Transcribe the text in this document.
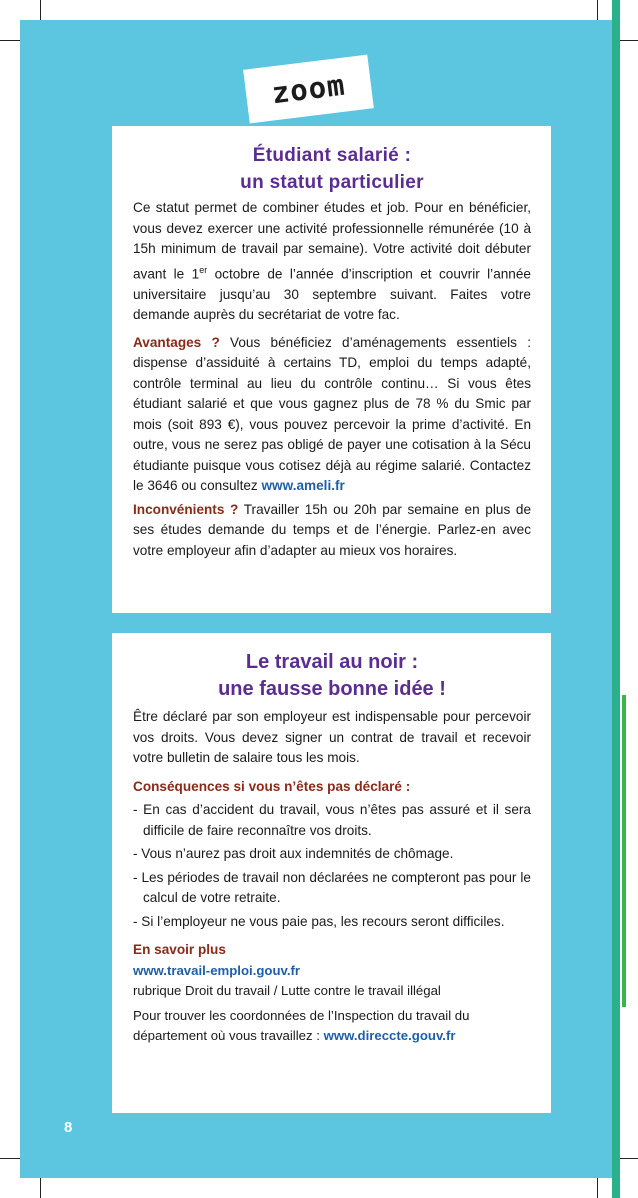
zoom
Étudiant salarié :
un statut particulier
Ce statut permet de combiner études et job. Pour en bénéficier, vous devez exercer une activité professionnelle rémunérée (10 à 15h minimum de travail par semaine). Votre activité doit débuter avant le 1er octobre de l’année d’inscription et couvrir l’année universitaire jusqu’au 30 septembre suivant. Faites votre demande auprès du secrétariat de votre fac.
Avantages ? Vous bénéficiez d’aménagements essentiels : dispense d’assiduité à certains TD, emploi du temps adapté, contrôle terminal au lieu du contrôle continu… Si vous êtes étudiant salarié et que vous gagnez plus de 78 % du Smic par mois (soit 893 €), vous pouvez percevoir la prime d’activité. En outre, vous ne serez pas obligé de payer une cotisation à la Sécu étudiante puisque vous cotisez déjà au régime salarié. Contactez le 3646 ou consultez www.ameli.fr
Inconvénients ? Travailler 15h ou 20h par semaine en plus de ses études demande du temps et de l’énergie. Parlez-en avec votre employeur afin d’adapter au mieux vos horaires.
Le travail au noir :
une fausse bonne idée !
Être déclaré par son employeur est indispensable pour percevoir vos droits. Vous devez signer un contrat de travail et recevoir votre bulletin de salaire tous les mois.
Conséquences si vous n’êtes pas déclaré :
- En cas d’accident du travail, vous n’êtes pas assuré et il sera difficile de faire reconnaître vos droits.
- Vous n’aurez pas droit aux indemnités de chômage.
- Les périodes de travail non déclarées ne compteront pas pour le calcul de votre retraite.
- Si l’employeur ne vous paie pas, les recours seront difficiles.
En savoir plus
www.travail-emploi.gouv.fr
rubrique Droit du travail / Lutte contre le travail illégal
Pour trouver les coordonnées de l’Inspection du travail du département où vous travaillez : www.direccte.gouv.fr
8
